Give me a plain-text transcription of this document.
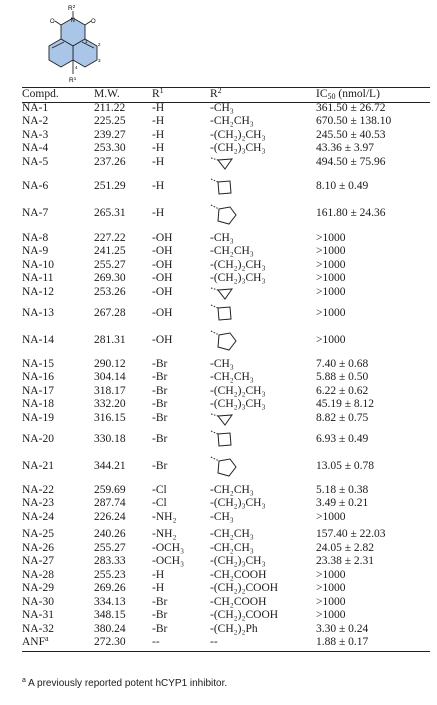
$R^2$
N	O
O
1
2
3
4
$R^1$
Compd.	M.W.	$R^1$	$R^2$	$IC_{50}$ (nmol/L)
NA-1	211.22	-H	-CH₃	361.50 ± 26.72
NA-2	225.25	-H	-CH₂CH₃	670.50 ± 138.10
NA-3	239.27	-H	-(CH₂)₂CH₃	245.50 ± 40.53
NA-4	253.30	-H	-(CH₂)₃CH₃	43.36 ± 3.97
NA-5	237.26	-H		494.50 ± 75.96
NA-6	251.29	-H		8.10 ± 0.49
NA-7	265.31	-H		161.80 ± 24.36
NA-8	227.22	-OH	-CH₃	>1000
NA-9	241.25	-OH	-CH₂CH₃	>1000
NA-10	255.27	-OH	-(CH₂)₂CH₃	>1000
NA-11	269.30	-OH	-(CH₂)₃CH₃	>1000
NA-12	253.26	-OH		>1000
NA-13	267.28	-OH		>1000
NA-14	281.31	-OH		>1000
NA-15	290.12	-Br	-CH₃	7.40 ± 0.68
NA-16	304.14	-Br	-CH₂CH₃	5.88 ± 0.50
NA-17	318.17	-Br	-(CH₂)₂CH₃	6.22 ± 0.62
NA-18	332.20	-Br	-(CH₂)₃CH₃	45.19 ± 8.12
NA-19	316.15	-Br		8.82 ± 0.75
NA-20	330.18	-Br		6.93 ± 0.49
NA-21	344.21	-Br		13.05 ± 0.78
NA-22	259.69	-Cl	-CH₂CH₃	5.18 ± 0.38
NA-23	287.74	-Cl	-(CH₂)₃CH₃	3.49 ± 0.21
NA-24	226.24	-NH₂	-CH₃	>1000
NA-25	240.26	-NH₂	-CH₂CH₃	157.40 ± 22.03
NA-26	255.27	-OCH₃	-CH₂CH₃	24.05 ± 2.82
NA-27	283.33	-OCH₃	-(CH₂)₃CH₃	23.38 ± 2.31
NA-28	255.23	-H	-CH₂COOH	>1000
NA-29	269.26	-H	-(CH₂)₂COOH	>1000
NA-30	334.13	-Br	-CH₂COOH	>1000
NA-31	348.15	-Br	-(CH₂)₂COOH	>1000
NA-32	380.24	-Br	-(CH₂)₂Ph	3.30 ± 0.24
ANF$^a$	272.30	--	--	1.88 ± 0.17
$^a$ A previously reported potent hCYP1 inhibitor.
